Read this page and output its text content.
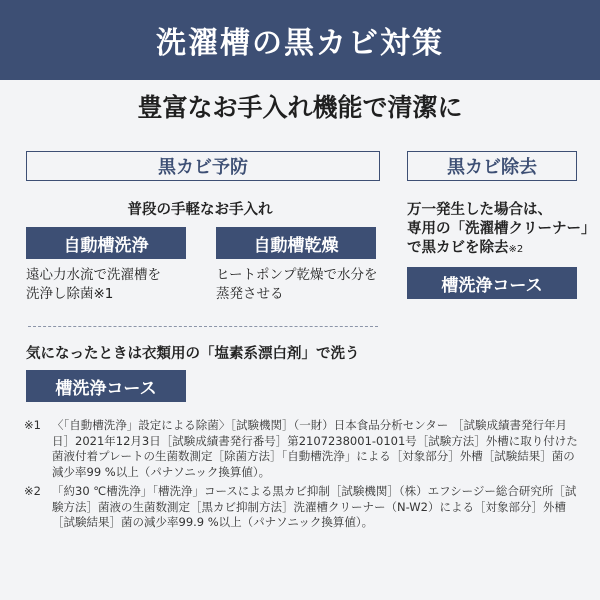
洗濯槽の黒カビ対策
豊富なお手入れ機能で清潔に
黒カビ予防
普段の手軽なお手入れ
自動槽洗浄	自動槽乾燥
遠心力水流で洗濯槽を
洗浄し除菌※1
ヒートポンプ乾燥で水分を
蒸発させる
気になったときは衣類用の「塩素系漂白剤」で洗う
槽洗浄コース
黒カビ除去
万一発生した場合は、
専用の「洗濯槽クリーナー」
で黒カビを除去※2
槽洗浄コース
※1 〈「自動槽洗浄」設定による除菌〉［試験機関］（一財）日本食品分析センター ［試験成績書発行年月日］2021年12月3日［試験成績書発行番号］第2107238001-0101号［試験方法］外槽に取り付けた菌液付着プレートの生菌数測定［除菌方法］「自動槽洗浄」による［対象部分］外槽［試験結果］菌の減少率99 %以上（パナソニック換算値）。
※2 「約30 ℃槽洗浄」「槽洗浄」コースによる黒カビ抑制［試験機関］（株）エフシージー総合研究所［試験方法］菌液の生菌数測定［黒カビ抑制方法］洗濯槽クリーナー（N-W2）による［対象部分］外槽［試験結果］菌の減少率99.9 %以上（パナソニック換算値）。
